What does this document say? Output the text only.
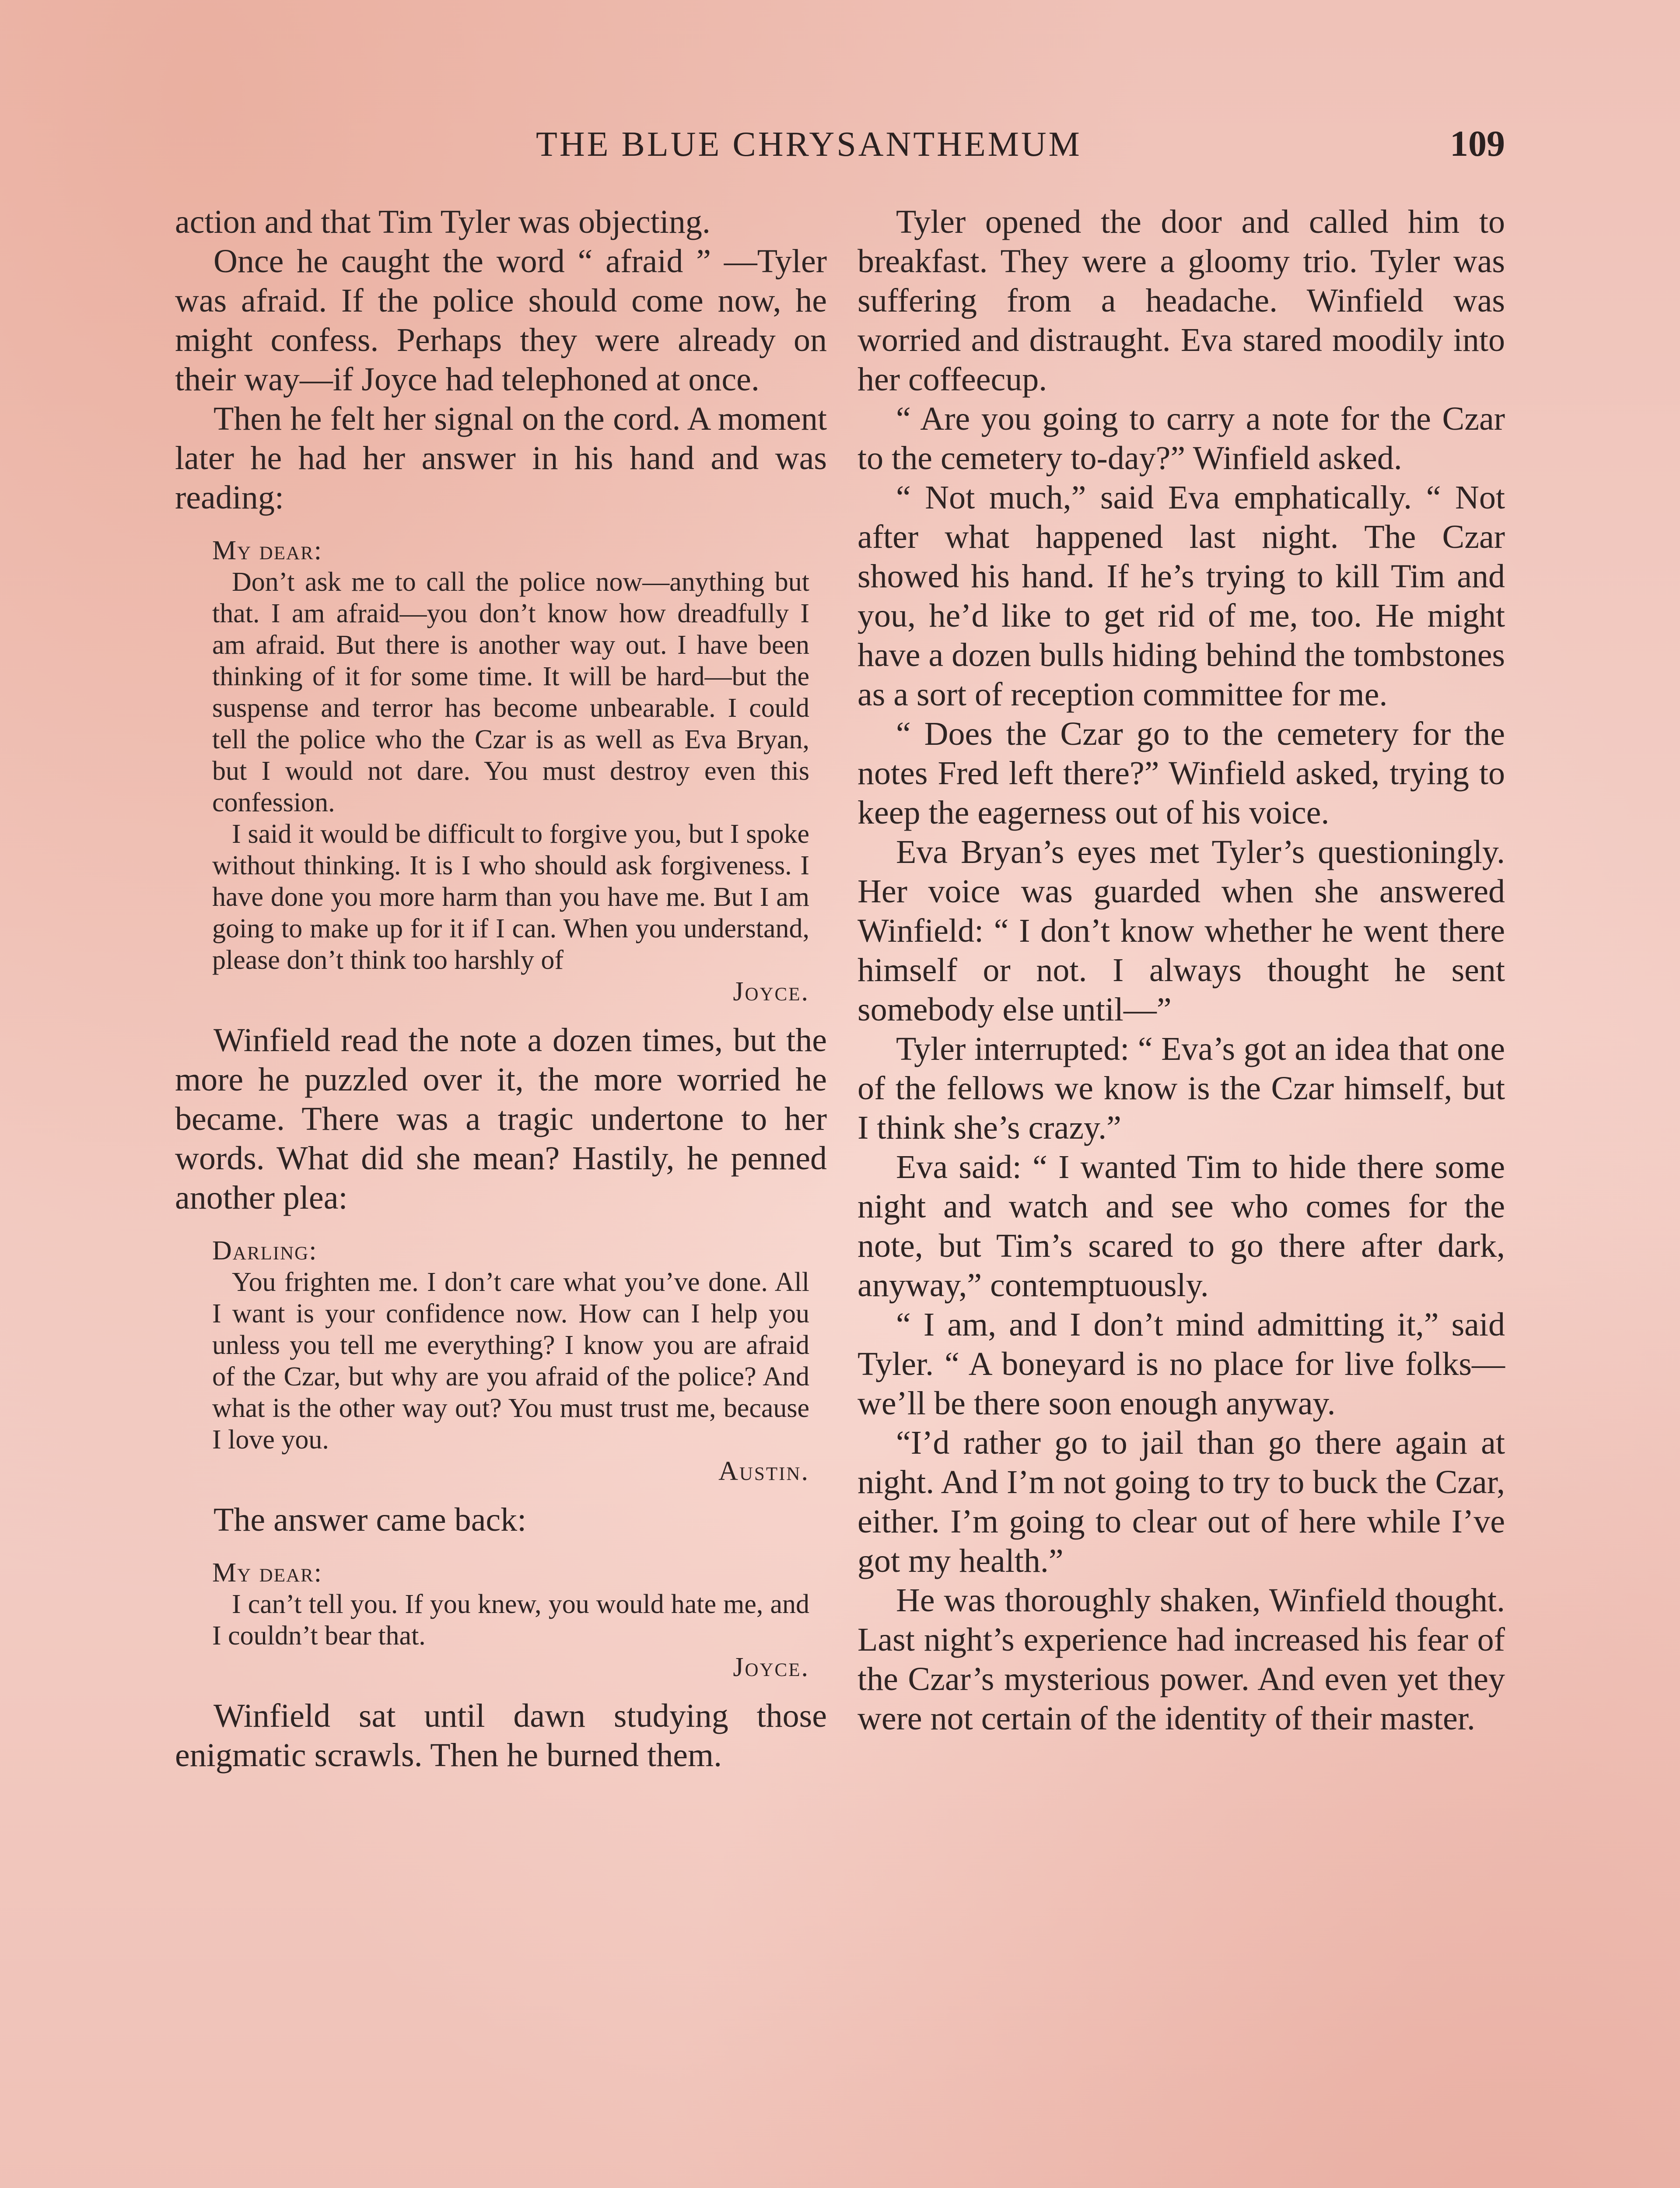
THE BLUE CHRYSANTHEMUM	109

action and that Tim Tyler was objecting.

Once he caught the word “ afraid ” —Tyler was afraid. If the police should come now, he might confess. Perhaps they were already on their way—if Joyce had telephoned at once.

Then he felt her signal on the cord. A moment later he had her answer in his hand and was reading:

My dear:

Don’t ask me to call the police now—anything but that. I am afraid—you don’t know how dreadfully I am afraid. But there is another way out. I have been thinking of it for some time. It will be hard—but the suspense and terror has become unbearable. I could tell the police who the Czar is as well as Eva Bryan, but I would not dare. You must destroy even this confession.

I said it would be difficult to forgive you, but I spoke without thinking. It is I who should ask forgiveness. I have done you more harm than you have me. But I am going to make up for it if I can. When you understand, please don’t think too harshly of

Joyce.

Winfield read the note a dozen times, but the more he puzzled over it, the more worried he became. There was a tragic undertone to her words. What did she mean? Hastily, he penned another plea:

Darling:

You frighten me. I don’t care what you’ve done. All I want is your confidence now. How can I help you unless you tell me everything? I know you are afraid of the Czar, but why are you afraid of the police? And what is the other way out? You must trust me, because I love you.

Austin.

The answer came back:

My dear:

I can’t tell you. If you knew, you would hate me, and I couldn’t bear that.

Joyce.

Winfield sat until dawn studying those enigmatic scrawls. Then he burned them.

Tyler opened the door and called him to breakfast. They were a gloomy trio. Tyler was suffering from a headache. Winfield was worried and distraught. Eva stared moodily into her coffeecup.

“ Are you going to carry a note for the Czar to the cemetery to-day?” Winfield asked.

“ Not much,” said Eva emphatically. “ Not after what happened last night. The Czar showed his hand. If he’s trying to kill Tim and you, he’d like to get rid of me, too. He might have a dozen bulls hiding behind the tombstones as a sort of reception committee for me.

“ Does the Czar go to the cemetery for the notes Fred left there?” Winfield asked, trying to keep the eagerness out of his voice.

Eva Bryan’s eyes met Tyler’s questioningly. Her voice was guarded when she answered Winfield: “ I don’t know whether he went there himself or not. I always thought he sent somebody else until—”

Tyler interrupted: “ Eva’s got an idea that one of the fellows we know is the Czar himself, but I think she’s crazy.”

Eva said: “ I wanted Tim to hide there some night and watch and see who comes for the note, but Tim’s scared to go there after dark, anyway,” contemptuously.

“ I am, and I don’t mind admitting it,” said Tyler. “ A boneyard is no place for live folks—we’ll be there soon enough anyway.

“I’d rather go to jail than go there again at night. And I’m not going to try to buck the Czar, either. I’m going to clear out of here while I’ve got my health.”

He was thoroughly shaken, Winfield thought. Last night’s experience had increased his fear of the Czar’s mysterious power. And even yet they were not certain of the identity of their master.
